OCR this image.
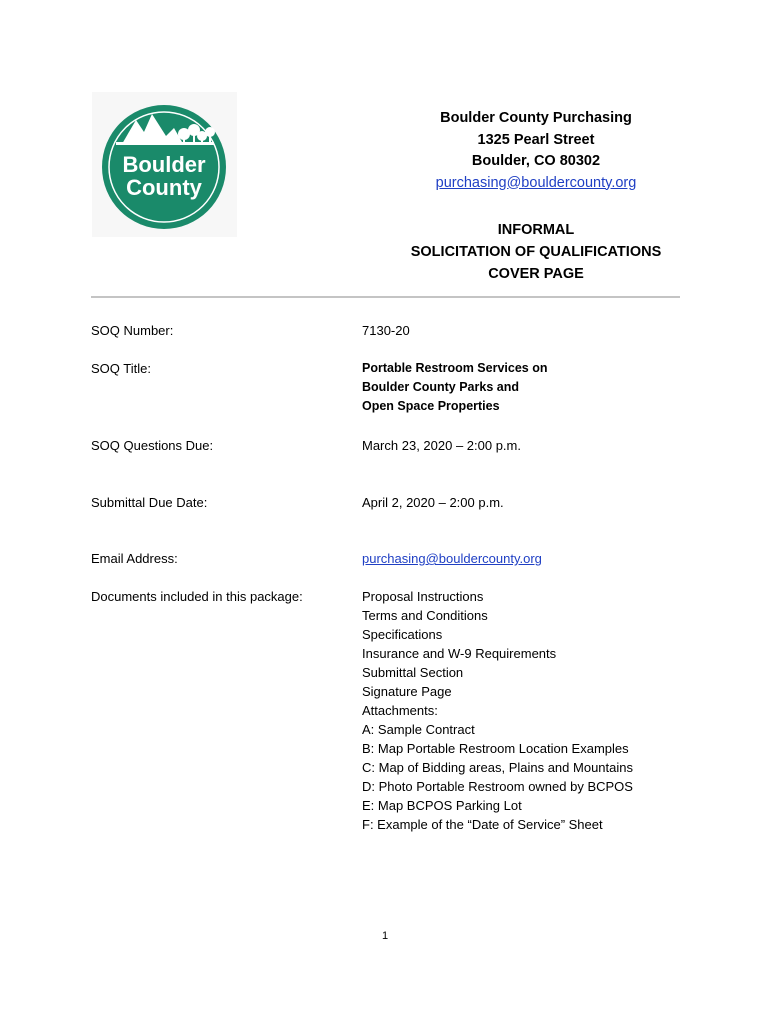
Boulder
County
Boulder County Purchasing
1325 Pearl Street
Boulder, CO 80302
purchasing@bouldercounty.org
INFORMAL
SOLICITATION OF QUALIFICATIONS
COVER PAGE
SOQ Number:	7130-20
SOQ Title:	Portable Restroom Services on
Boulder County Parks and
Open Space Properties
SOQ Questions Due:	March 23, 2020 – 2:00 p.m.
Submittal Due Date:	April 2, 2020 – 2:00 p.m.
Email Address:	purchasing@bouldercounty.org
Documents included in this package:	Proposal Instructions
Terms and Conditions
Specifications
Insurance and W-9 Requirements
Submittal Section
Signature Page
Attachments:
A: Sample Contract
B: Map Portable Restroom Location Examples
C: Map of Bidding areas, Plains and Mountains
D: Photo Portable Restroom owned by BCPOS
E: Map BCPOS Parking Lot
F: Example of the “Date of Service” Sheet
1
